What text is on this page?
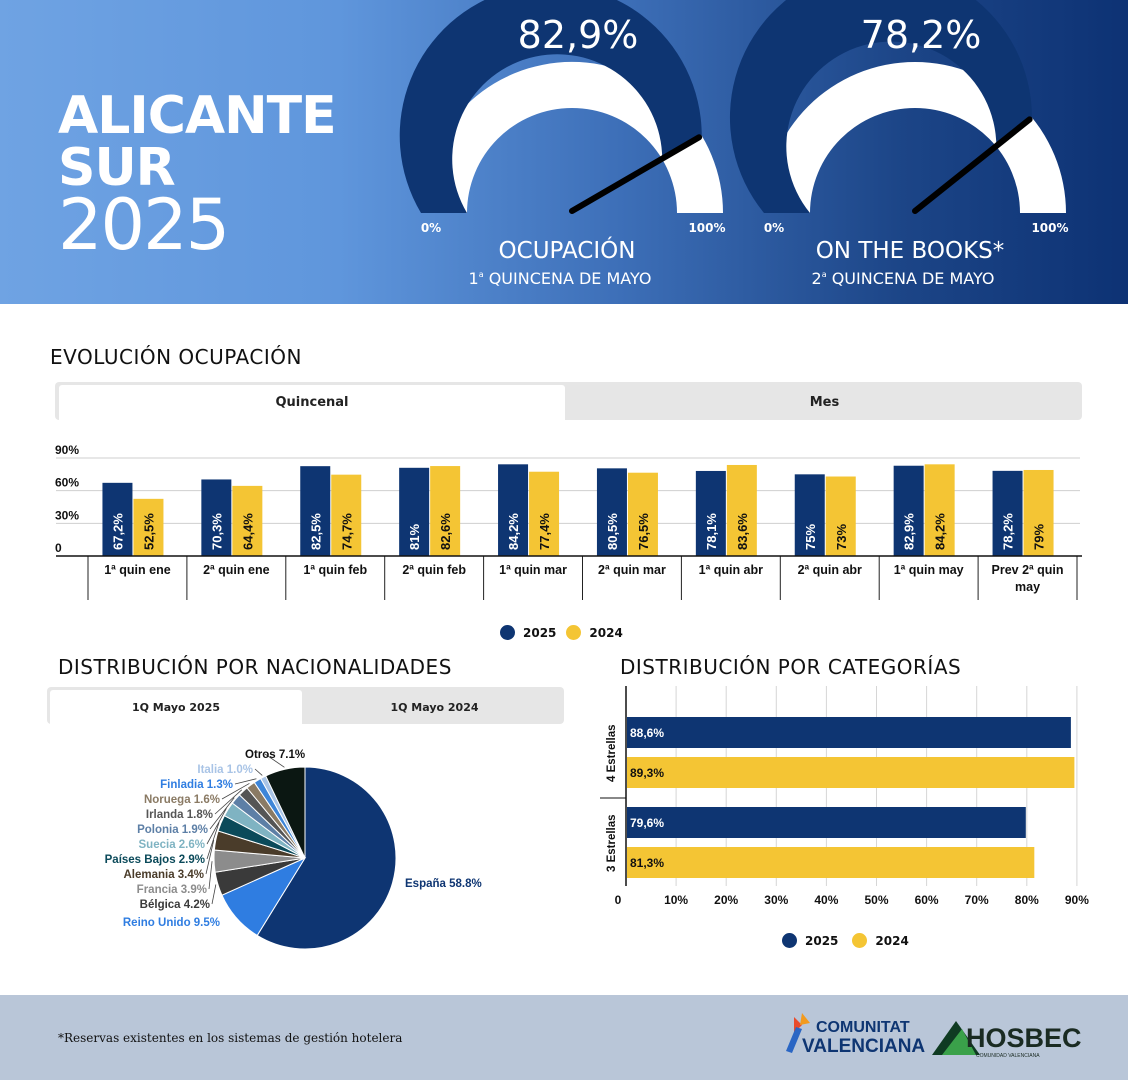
ALICANTE
SUR
2025
82,9%
0%	100%
OCUPACIÓN
1$^a$ QUINCENA DE MAYO
78,2%
0%	100%
ON THE BOOKS*
2$^a$ QUINCENA DE MAYO
EVOLUCIÓN OCUPACIÓN
Quincenal	Mes
0
30%
60%
90%
67,2% 52,5%
1ª quin ene
70,3% 64,4%
2ª quin ene
82,5% 74,7%
1ª quin feb
81% 82,6%
2ª quin feb
84,2% 77,4%
1ª quin mar
80,5% 76,5%
2ª quin mar
78,1% 83,6%
1ª quin abr
75% 73%
2ª quin abr
82,9% 84,2%
1ª quin may
78,2% 79%
Prev 2ª quin may
2025	2024
DISTRIBUCIÓN POR NACIONALIDADES
1Q Mayo 2025	1Q Mayo 2024
España 58.8%
Reino Unido 9.5%
Bélgica 4.2%
Francia 3.9%
Alemania 3.4%
Países Bajos 2.9%
Suecia 2.6%
Polonia 1.9%
Irlanda 1.8%
Noruega 1.6%
Finladia 1.3%
Italia 1.0%
Otros 7.1%
DISTRIBUCIÓN POR CATEGORÍAS
0	10% 20% 30% 40% 50% 60% 70% 80% 90%
88,6%
89,3%
4 Estrellas
79,6%
81,3%
3 Estrellas
2025	2024
COMUNITAT
VALENCIANA HOSBEC
COMUNIDAD VALENCIANA
*Reservas existentes en los sistemas de gestión hotelera
